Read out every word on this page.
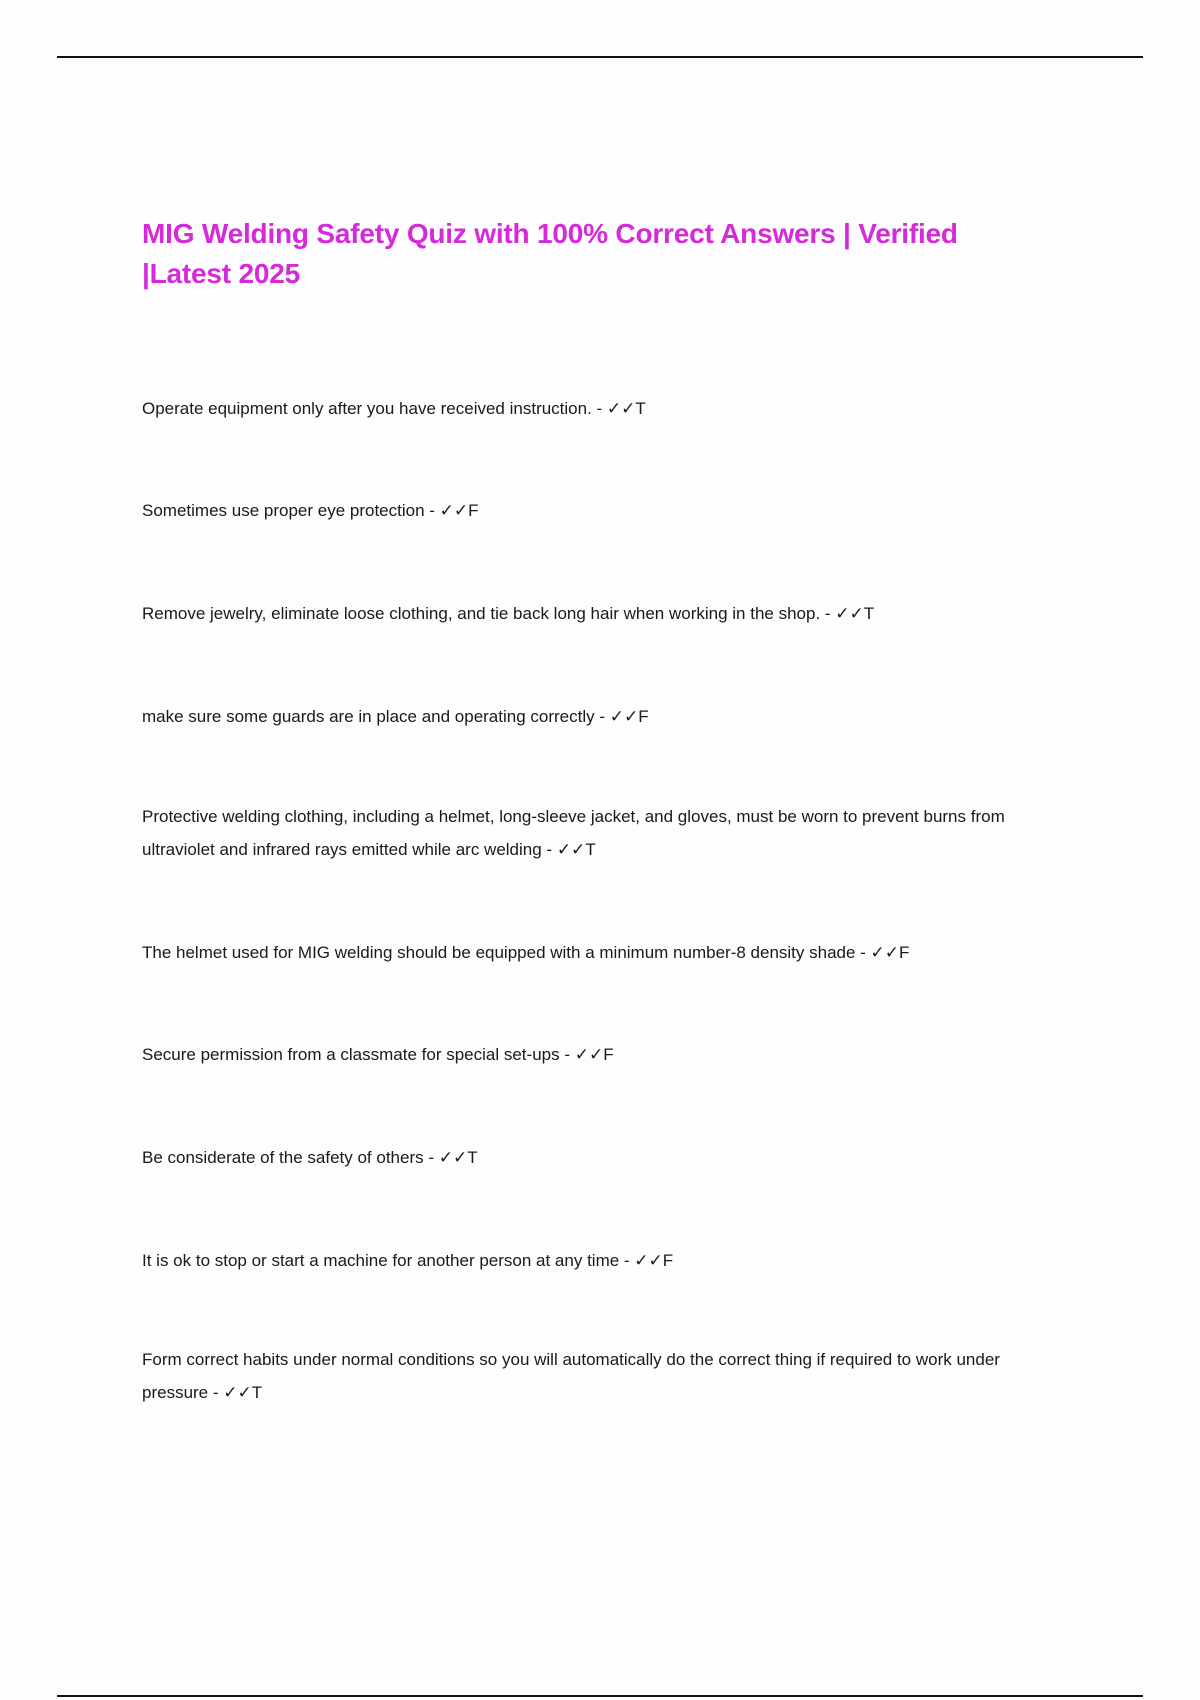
MIG Welding Safety Quiz with 100% Correct Answers | Verified |Latest 2025

Operate equipment only after you have received instruction. - ✓✓T

Sometimes use proper eye protection - ✓✓F

Remove jewelry, eliminate loose clothing, and tie back long hair when working in the shop. - ✓✓T

make sure some guards are in place and operating correctly - ✓✓F

Protective welding clothing, including a helmet, long-sleeve jacket, and gloves, must be worn to prevent burns from ultraviolet and infrared rays emitted while arc welding - ✓✓T

The helmet used for MIG welding should be equipped with a minimum number-8 density shade - ✓✓F

Secure permission from a classmate for special set-ups - ✓✓F

Be considerate of the safety of others - ✓✓T

It is ok to stop or start a machine for another person at any time - ✓✓F

Form correct habits under normal conditions so you will automatically do the correct thing if required to work under pressure - ✓✓T
